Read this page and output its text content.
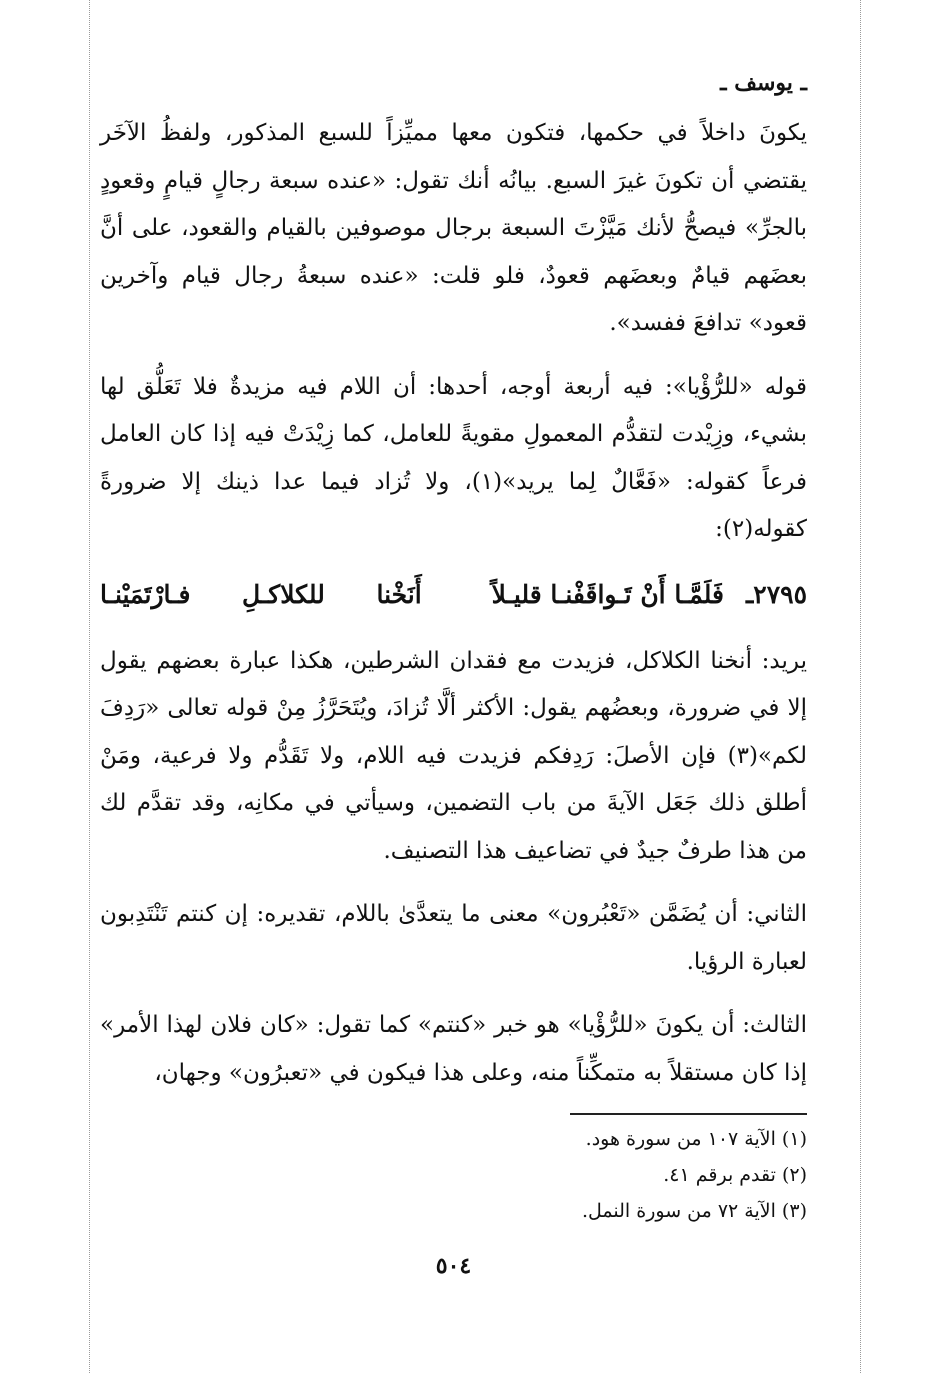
ـ يوسف ـ

يكونَ داخلاً في حكمها، فتكون معها مميِّزاً للسبع المذكور، ولفظُ الآخَر يقتضي أن تكونَ غيرَ السبع. بيانُه أنك تقول: «عنده سبعة رجالٍ قيامٍ وقعودٍ بالجرِّ» فيصحُّ لأنك مَيَّزْتَ السبعة برجال موصوفين بالقيام والقعود، على أنَّ بعضَهم قيامٌ وبعضَهم قعودٌ، فلو قلت: «عنده سبعةُ رجال قيام وآخرين قعود» تدافعَ ففسد».

قوله «للرُّؤْيا»: فيه أربعة أوجه، أحدها: أن اللام فيه مزيدةٌ فلا تَعَلُّق لها بشيء، وزِيْدت لتقدُّم المعمولِ مقويةً للعامل، كما زِيْدَتْ فيه إذا كان العامل فرعاً كقوله: «فَعَّالٌ لِما يريد»(١)، ولا تُزاد فيما عدا ذينك إلا ضرورةً كقوله(٢):

٢٧٩٥ـ
فَلَمَّـا أَنْ تَـواقَفْنـا قليـلاً
أَنَخْنا للكلاكـلِ فـارْتَمَيْنـا

يريد: أنخنا الكلاكل، فزيدت مع فقدان الشرطين، هكذا عبارة بعضهم يقول إلا في ضرورة، وبعضُهم يقول: الأكثر ألَّا تُزادَ، ويُتَحَرَّزُ مِنْ قوله تعالى «رَدِفَ لكم»(٣) فإن الأصلَ: رَدِفكم فزيدت فيه اللام، ولا تَقَدُّم ولا فرعية، ومَنْ أطلق ذلك جَعَل الآيةَ من باب التضمين، وسيأتي في مكانِه، وقد تقدَّم لك من هذا طرفٌ جيدٌ في تضاعيف هذا التصنيف.

الثاني: أن يُضَمَّن «تَعْبُرون» معنى ما يتعدَّىٰ باللام، تقديره: إن كنتم تَنْتَدِبون لعبارة الرؤيا.

الثالث: أن يكونَ «للرُّؤْيا» هو خبر «كنتم» كما تقول: «كان فلان لهذا الأمر» إذا كان مستقلاً به متمكِّناً منه، وعلى هذا فيكون في «تعبرُون» وجهان،

(١) الآية ١٠٧ من سورة هود.
(٢) تقدم برقم ٤١.
(٣) الآية ٧٢ من سورة النمل.
٥٠٤
